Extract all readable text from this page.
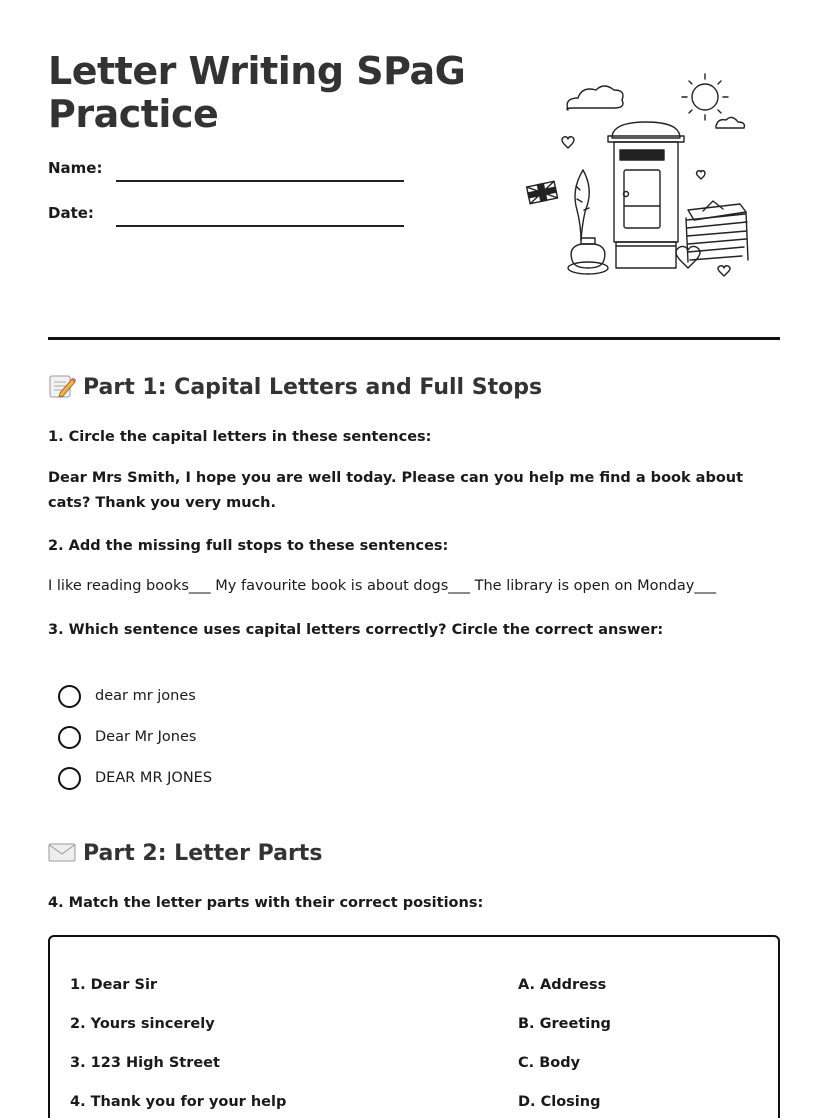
Letter Writing SPaG
Practice
Name:
Date:
Part 1: Capital Letters and Full Stops
1. Circle the capital letters in these sentences:
Dear Mrs Smith, I hope you are well today. Please can you help me find a book about cats? Thank you very much.
2. Add the missing full stops to these sentences:
I like reading books___ My favourite book is about dogs___ The library is open on Monday___
3. Which sentence uses capital letters correctly? Circle the correct answer:
dear mr jones
Dear Mr Jones
DEAR MR JONES
Part 2: Letter Parts
4. Match the letter parts with their correct positions:
1. Dear Sir
2. Yours sincerely
3. 123 High Street
4. Thank you for your help
A. Address
B. Greeting
C. Body
D. Closing
